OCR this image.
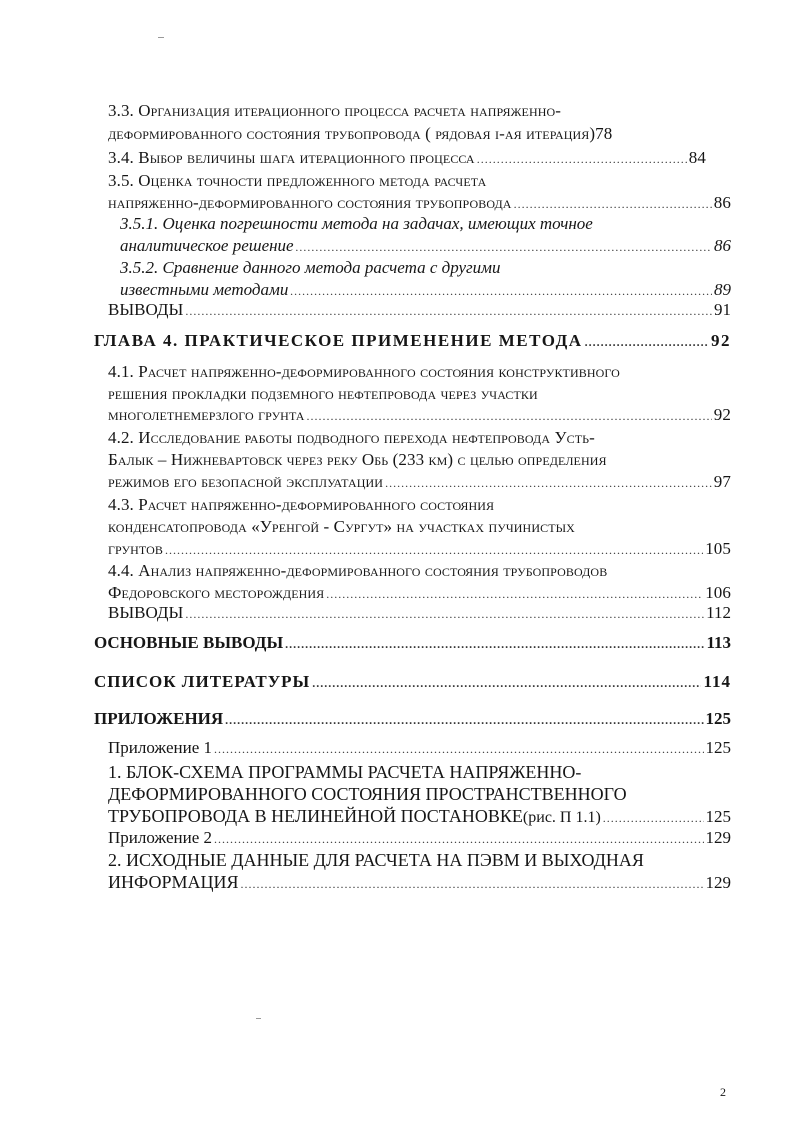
3.3. Организация итерационного процесса расчета напряженно-
деформированного состояния трубопровода ( рядовая i-ая итерация) 78
3.4. Выбор величины шага итерационного процесса .....	84
3.5. Оценка точности предложенного метода расчета
напряженно-деформированного состояния трубопровода .....	86
3.5.1. Оценка погрешности метода на задачах, имеющих точное
аналитическое решение .....	86
3.5.2. Сравнение данного метода расчета с другими
известными методами .....	89
ВЫВОДЫ .....	91
ГЛАВА 4. ПРАКТИЧЕСКОЕ ПРИМЕНЕНИЕ МЕТОДА .....	92
4.1. Расчет напряженно-деформированного состояния конструктивного
решения прокладки подземного нефтепровода через участки
многолетнемерзлого грунта .....	92
4.2. Исследование работы подводного перехода нефтепровода Усть-
Балык – Нижневартовск через реку Обь (233 км) с целью определения
режимов его безопасной эксплуатации .....	97
4.3. Расчет напряженно-деформированного состояния
конденсатопровода «Уренгой - Сургут» на участках пучинистых
грунтов .....	105
4.4. Анализ напряженно-деформированного состояния трубопроводов
Федоровского месторождения .....	106
ВЫВОДЫ .....	112
ОСНОВНЫЕ ВЫВОДЫ .....	113
СПИСОК ЛИТЕРАТУРЫ .....	114
ПРИЛОЖЕНИЯ .....	125
Приложение 1 .....	125
1. БЛОК-СХЕМА ПРОГРАММЫ РАСЧЕТА НАПРЯЖЕННО-
ДЕФОРМИРОВАННОГО СОСТОЯНИЯ ПРОСТРАНСТВЕННОГО
ТРУБОПРОВОДА В НЕЛИНЕЙНОЙ ПОСТАНОВКЕ (рис. П 1.1) .....	125
Приложение 2 .....	129
2. ИСХОДНЫЕ ДАННЫЕ ДЛЯ РАСЧЕТА НА ПЭВМ И ВЫХОДНАЯ
ИНФОРМАЦИЯ .....	129
2
